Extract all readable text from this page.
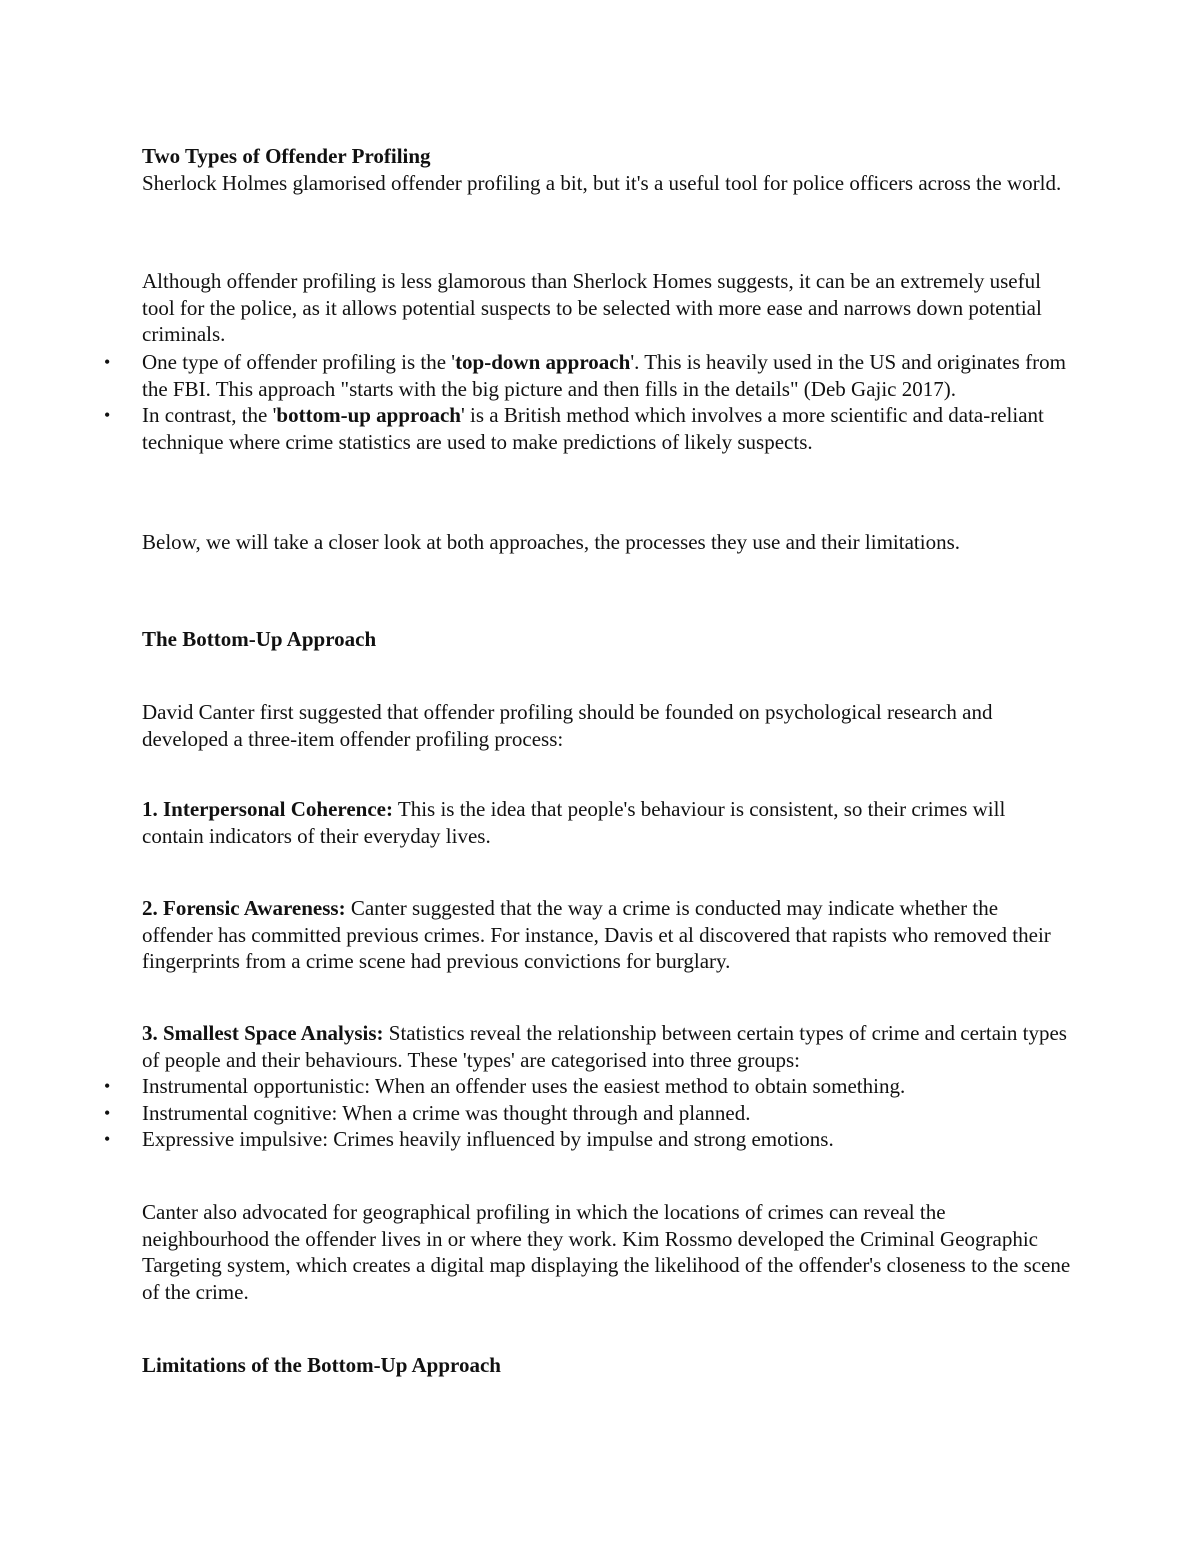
Two Types of Offender Profiling
Sherlock Holmes glamorised offender profiling a bit, but it's a useful tool for police officers across the world.
Although offender profiling is less glamorous than Sherlock Homes suggests, it can be an extremely useful tool for the police, as it allows potential suspects to be selected with more ease and narrows down potential criminals.
• One type of offender profiling is the 'top-down approach'. This is heavily used in the US and originates from the FBI. This approach "starts with the big picture and then fills in the details" (Deb Gajic 2017).
• In contrast, the 'bottom-up approach' is a British method which involves a more scientific and data-reliant technique where crime statistics are used to make predictions of likely suspects.
Below, we will take a closer look at both approaches, the processes they use and their limitations.
The Bottom-Up Approach
David Canter first suggested that offender profiling should be founded on psychological research and developed a three-item offender profiling process:
1. Interpersonal Coherence: This is the idea that people's behaviour is consistent, so their crimes will contain indicators of their everyday lives.
2. Forensic Awareness: Canter suggested that the way a crime is conducted may indicate whether the offender has committed previous crimes. For instance, Davis et al discovered that rapists who removed their fingerprints from a crime scene had previous convictions for burglary.
3. Smallest Space Analysis: Statistics reveal the relationship between certain types of crime and certain types of people and their behaviours. These 'types' are categorised into three groups:
• Instrumental opportunistic: When an offender uses the easiest method to obtain something.
• Instrumental cognitive: When a crime was thought through and planned.
• Expressive impulsive: Crimes heavily influenced by impulse and strong emotions.
Canter also advocated for geographical profiling in which the locations of crimes can reveal the neighbourhood the offender lives in or where they work. Kim Rossmo developed the Criminal Geographic Targeting system, which creates a digital map displaying the likelihood of the offender's closeness to the scene of the crime.
Limitations of the Bottom-Up Approach
